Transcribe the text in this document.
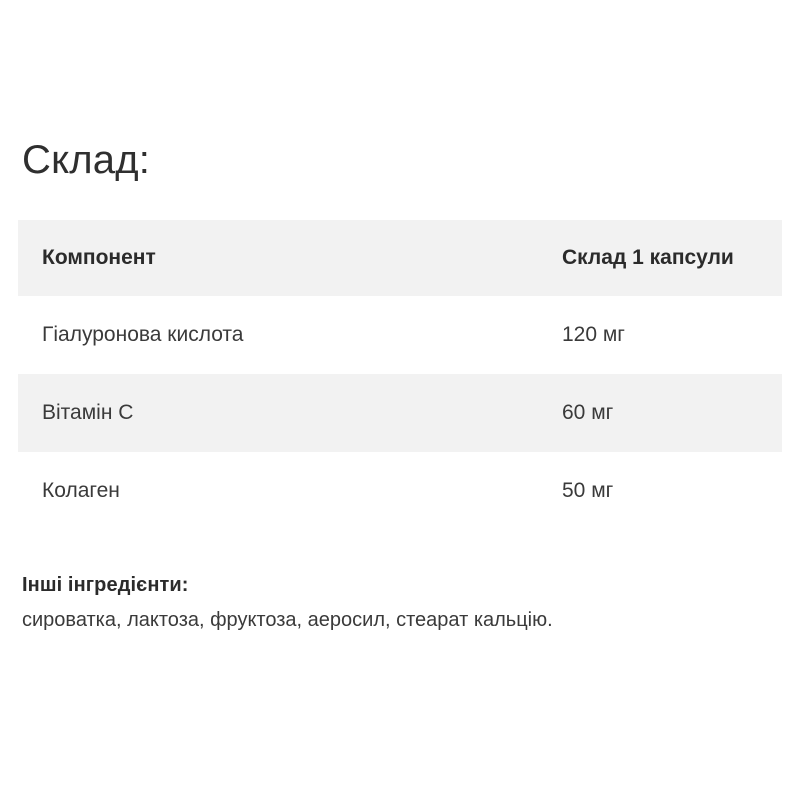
Склад:
Компонент	Склад 1 капсули
Гіалуронова кислота	120 мг
Вітамін C	60 мг
Колаген	50 мг

Інші інгредієнти:

сироватка, лактоза, фруктоза, аеросил, стеарат кальцію.
